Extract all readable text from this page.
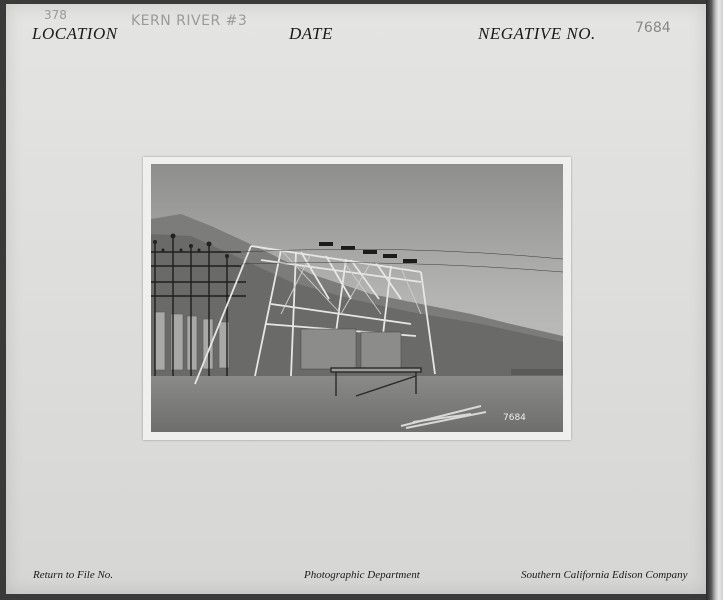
378	KERN RIVER #3	7684
LOCATION	DATE	NEGATIVE NO.
7684
Return to File No.	Photographic Department	Southern California Edison Company
